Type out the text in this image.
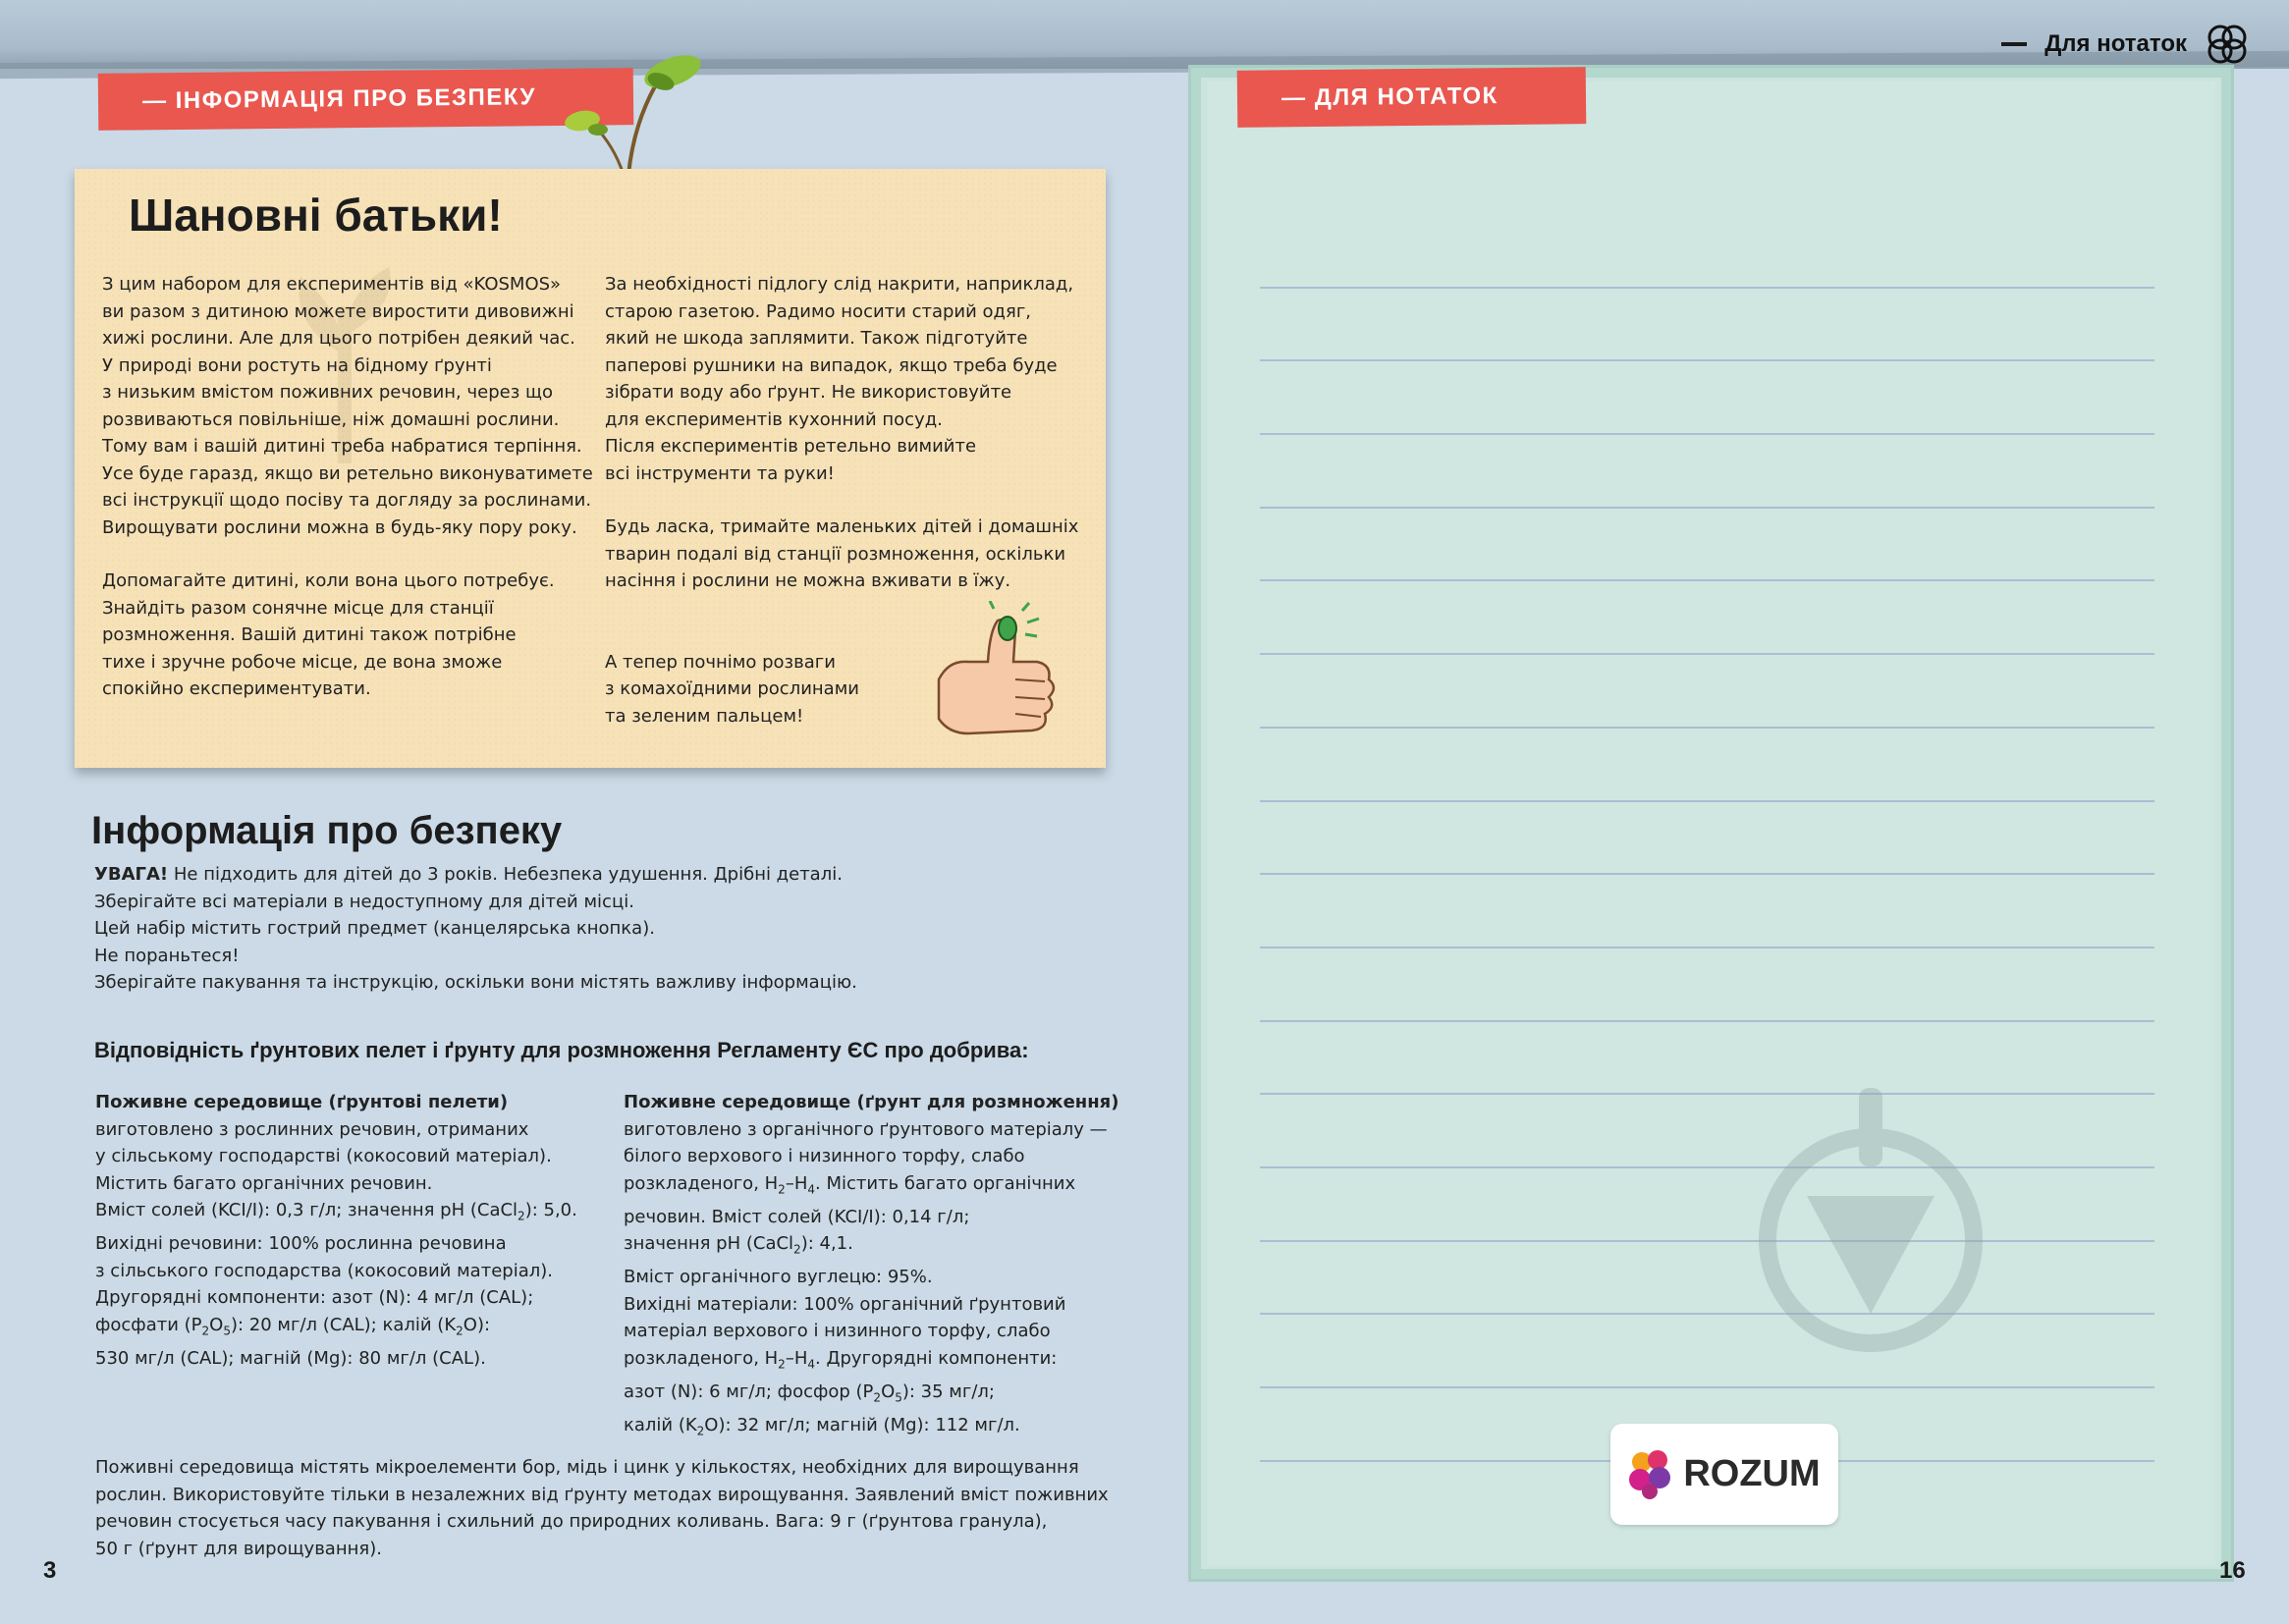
Для нотаток
— ІНФОРМАЦІЯ ПРО БЕЗПЕКУ
Шановні батьки!

З цим набором для експериментів від «KOSMOS»
ви разом з дитиною можете виростити дивовижні
хижі рослини. Але для цього потрібен деякий час.
У природі вони ростуть на бідному ґрунті
з низьким вмістом поживних речовин, через що
розвиваються повільніше, ніж домашні рослини.
Тому вам і вашій дитині треба набратися терпіння.
Усе буде гаразд, якщо ви ретельно виконуватимете
всі інструкції щодо посіву та догляду за рослинами.
Вирощувати рослини можна в будь-яку пору року.

Допомагайте дитині, коли вона цього потребує.
Знайдіть разом сонячне місце для станції
розмноження. Вашій дитині також потрібне
тихе і зручне робоче місце, де вона зможе
спокійно експериментувати.

За необхідності підлогу слід накрити, наприклад,
старою газетою. Радимо носити старий одяг,
який не шкода заплямити. Також підготуйте
паперові рушники на випадок, якщо треба буде
зібрати воду або ґрунт. Не використовуйте
для експериментів кухонний посуд.
Після експериментів ретельно вимийте
всі інструменти та руки!

Будь ласка, тримайте маленьких дітей і домашніх
тварин подалі від станції розмноження, оскільки
насіння і рослини не можна вживати в їжу.

А тепер почнімо розваги
з комахоїдними рослинами
та зеленим пальцем!

Інформація про безпеку

УВАГА! Не підходить для дітей до 3 років. Небезпека удушення. Дрібні деталі.

Зберігайте всі матеріали в недоступному для дітей місці.

Цей набір містить гострий предмет (канцелярська кнопка).

Не пораньтеся!

Зберігайте пакування та інструкцію, оскільки вони містять важливу інформацію.

Відповідність ґрунтових пелет і ґрунту для розмноження Регламенту ЄС про добрива:

Поживне середовище (ґрунтові пелети)

виготовлено з рослинних речовин, отриманих
у сільському господарстві (кокосовий матеріал).
Містить багато органічних речовин.

Вміст солей (KCI/I): 0,3 г/л; значення pH (CaCl$_2$): 5,0.

Вихідні речовини: 100% рослинна речовина
з сільського господарства (кокосовий матеріал).
Другорядні компоненти: азот (N): 4 мг/л (CAL);

фосфати $(P_2O_5)$: 20 мг/л (CAL); калій $(K_2O)$:

530 мг/л (CAL); магній (Mg): 80 мг/л (CAL).

Поживне середовище (ґрунт для розмноження)

виготовлено з органічного ґрунтового матеріалу —
білого верхового і низинного торфу, слабо

розкладеного, $H_2-H_4$. Містить багато органічних

речовин. Вміст солей (KCI/I): 0,14 г/л;

значення pH (CaCl$_2$): 4,1.

Вміст органічного вуглецю: 95%.
Вихідні матеріали: 100% органічний ґрунтовий
матеріал верхового і низинного торфу, слабо

розкладеного, $H_2-H_4$. Другорядні компоненти:

азот (N): 6 мг/л; фосфор $(P_2O_5)$: 35 мг/л;

калій $(K_2O)$: 32 мг/л; магній (Mg): 112 мг/л.

Поживні середовища містять мікроелементи бор, мідь і цинк у кількостях, необхідних для вирощування
рослин. Використовуйте тільки в незалежних від ґрунту методах вирощування. Заявлений вміст поживних
речовин стосується часу пакування і схильний до природних коливань. Вага: 9 г (ґрунтова гранула),
50 г (ґрунт для вирощування).

3
— ДЛЯ НОТАТОК
ROZUM
16
